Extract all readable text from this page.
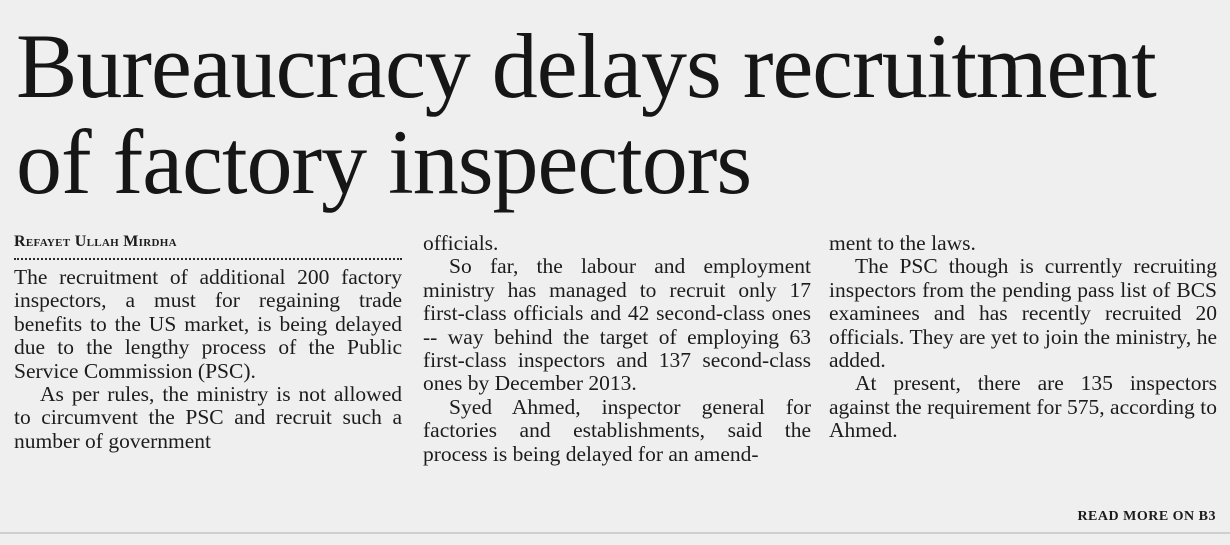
Bureaucracy delays recruitment
of factory inspectors
Refayet Ullah Mirdha

The recruitment of additional 200 factory inspectors, a must for regaining trade benefits to the US market, is being delayed due to the lengthy process of the Public Service Commission (PSC).

As per rules, the ministry is not allowed to circumvent the PSC and recruit such a number of government

officials.

So far, the labour and employment ministry has managed to recruit only 17 first-class officials and 42 second-class ones -- way behind the target of employing 63 first-class inspectors and 137 second-class ones by December 2013.

Syed Ahmed, inspector general for factories and establishments, said the process is being delayed for an amend-

ment to the laws.

The PSC though is currently recruiting inspectors from the pending pass list of BCS examinees and has recently recruited 20 officials. They are yet to join the ministry, he added.

At present, there are 135 inspectors against the requirement for 575, according to Ahmed.

READ MORE ON B3
